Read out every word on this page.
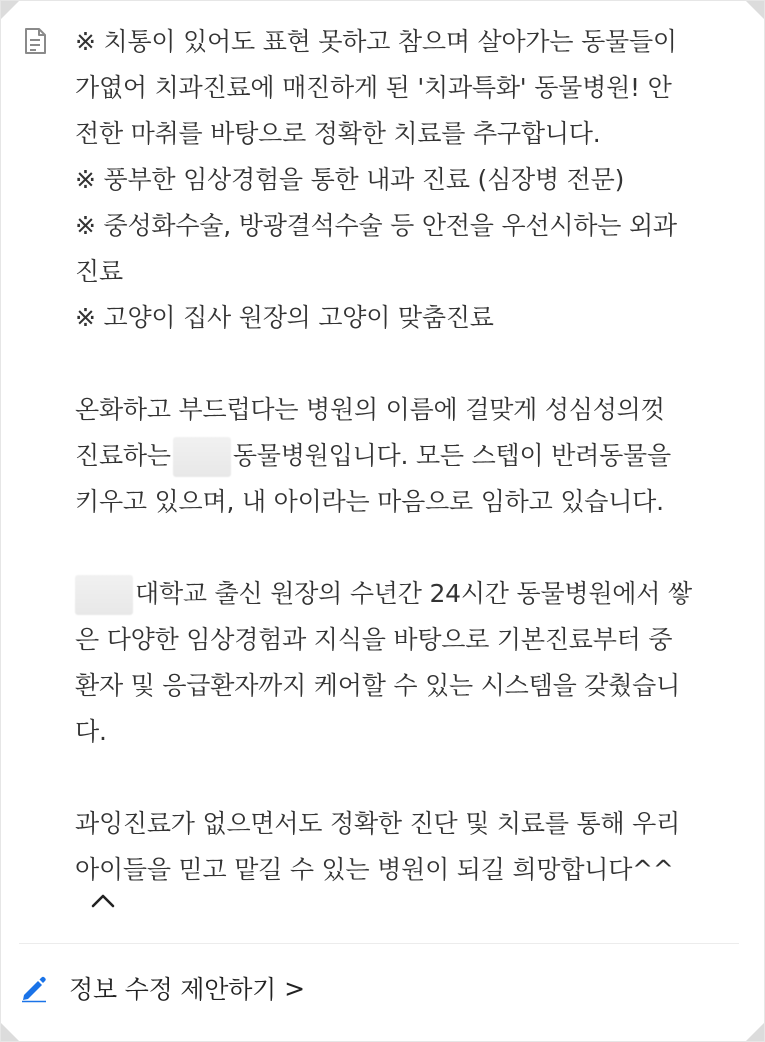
※ 치통이 있어도 표현 못하고 참으며 살아가는 동물들이
가엾어 치과진료에 매진하게 된 '치과특화' 동물병원! 안
전한 마취를 바탕으로 정확한 치료를 추구합니다.
※ 풍부한 임상경험을 통한 내과 진료 (심장병 전문)
※ 중성화수술, 방광결석수술 등 안전을 우선시하는 외과
진료
※ 고양이 집사 원장의 고양이 맞춤진료
온화하고 부드럽다는 병원의 이름에 걸맞게 성심성의껏
진료하는 동물병원입니다. 모든 스텝이 반려동물을
키우고 있으며, 내 아이라는 마음으로 임하고 있습니다.
대학교 출신 원장의 수년간 24시간 동물병원에서 쌓
은 다양한 임상경험과 지식을 바탕으로 기본진료부터 중
환자 및 응급환자까지 케어할 수 있는 시스템을 갖췄습니
다.
과잉진료가 없으면서도 정확한 진단 및 치료를 통해 우리
아이들을 믿고 맡길 수 있는 병원이 되길 희망합니다^^
정보 수정 제안하기 >
